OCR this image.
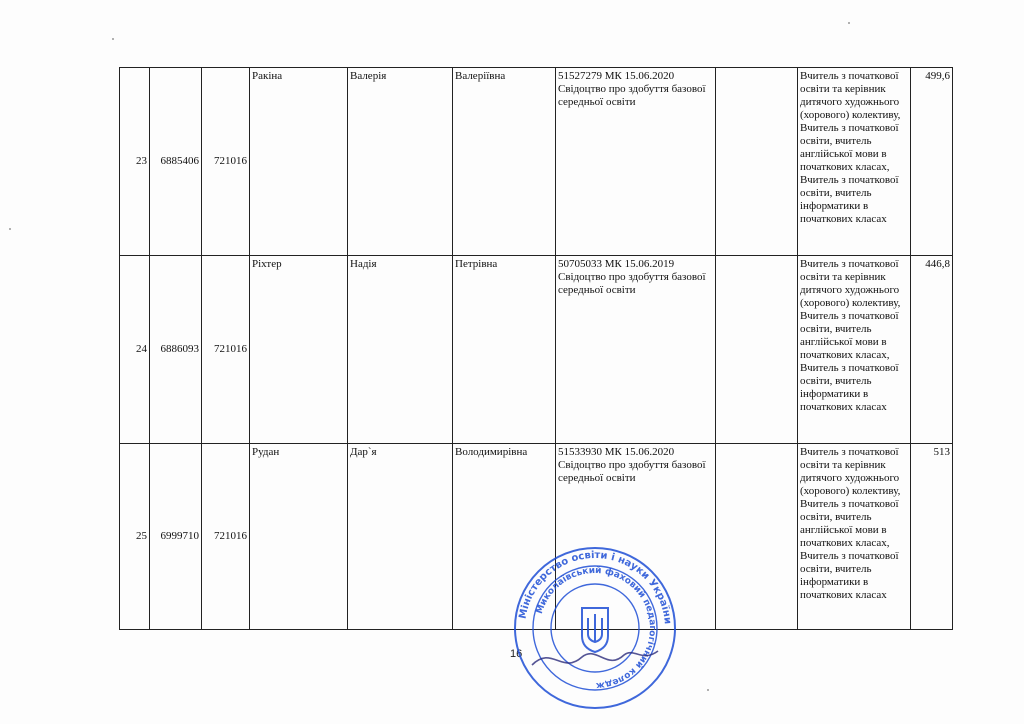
23	6885406	721016	Ракіна	Валерія	Валеріївна	51527279 МК 15.06.2020 Свідоцтво про здобуття базової середньої освіти		Вчитель з початкової освіти та керівник дитячого художнього (хорового) колективу, Вчитель з початкової освіти, вчитель англійської мови в початкових класах, Вчитель з початкової освіти, вчитель інформатики в початкових класах	499,6
24	6886093	721016	Ріхтер	Надія	Петрівна	50705033 МК 15.06.2019 Свідоцтво про здобуття базової середньої освіти		Вчитель з початкової освіти та керівник дитячого художнього (хорового) колективу, Вчитель з початкової освіти, вчитель англійської мови в початкових класах, Вчитель з початкової освіти, вчитель інформатики в початкових класах	446,8
25	6999710	721016	Рудан	Дар`я	Володимирівна	51533930 МК 15.06.2020 Свідоцтво про здобуття базової середньої освіти		Вчитель з початкової освіти та керівник дитячого художнього (хорового) колективу, Вчитель з початкової освіти, вчитель англійської мови в початкових класах, Вчитель з початкової освіти, вчитель інформатики в початкових класах	513
16
Міністерство освіти і науки України
Миколаївський фаховий педагогічний коледж
